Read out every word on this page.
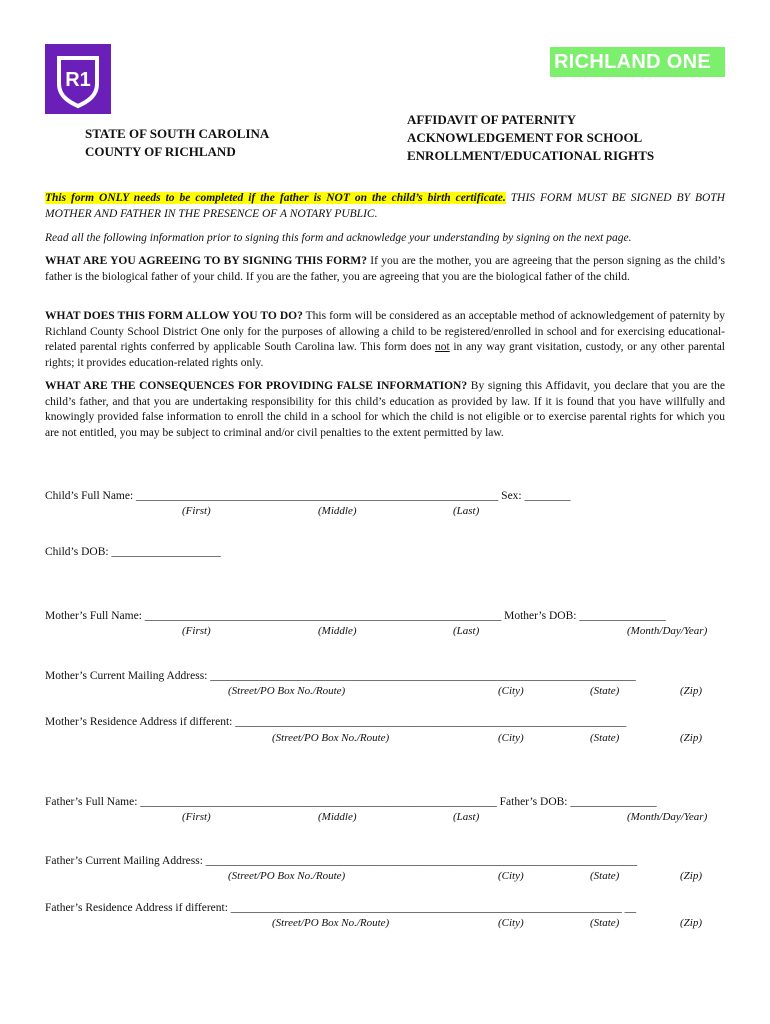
R1
RICHLAND ONE
STATE OF SOUTH CAROLINA
COUNTY OF RICHLAND
AFFIDAVIT OF PATERNITY
ACKNOWLEDGEMENT FOR SCHOOL
ENROLLMENT/EDUCATIONAL RIGHTS
This form ONLY needs to be completed if the father is NOT on the child’s birth certificate. THIS FORM MUST BE SIGNED BY BOTH MOTHER AND FATHER IN THE PRESENCE OF A NOTARY PUBLIC.
Read all the following information prior to signing this form and acknowledge your understanding by signing on the next page.
WHAT ARE YOU AGREEING TO BY SIGNING THIS FORM? If you are the mother, you are agreeing that the person signing as the child’s father is the biological father of your child. If you are the father, you are agreeing that you are the biological father of the child.
WHAT DOES THIS FORM ALLOW YOU TO DO? This form will be considered as an acceptable method of acknowledgement of paternity by Richland County School District One only for the purposes of allowing a child to be registered/enrolled in school and for exercising educational-related parental rights conferred by applicable South Carolina law. This form does not in any way grant visitation, custody, or any other parental rights; it provides education-related rights only.
WHAT ARE THE CONSEQUENCES FOR PROVIDING FALSE INFORMATION? By signing this Affidavit, you declare that you are the child’s father, and that you are undertaking responsibility for this child’s education as provided by law. If it is found that you have willfully and knowingly provided false information to enroll the child in a school for which the child is not eligible or to exercise parental rights for which you are not entitled, you may be subject to criminal and/or civil penalties to the extent permitted by law.
Child’s Full Name: _______________________________________________________________ Sex: ________
(First)	(Middle)	(Last)
Child’s DOB: ___________________
Mother’s Full Name: ______________________________________________________________ Mother’s DOB: _______________
(First)	(Middle)	(Last)	(Month/Day/Year)
Mother’s Current Mailing Address: __________________________________________________________________________
(Street/PO Box No./Route)	(City)	(State)	(Zip)
Mother’s Residence Address if different: ____________________________________________________________________
(Street/PO Box No./Route)	(City)	(State)	(Zip)
Father’s Full Name: ______________________________________________________________ Father’s DOB: _______________
(First)	(Middle)	(Last)	(Month/Day/Year)
Father’s Current Mailing Address: ___________________________________________________________________________
(Street/PO Box No./Route)	(City)	(State)	(Zip)
Father’s Residence Address if different: ____________________________________________________________________ __
(Street/PO Box No./Route)	(City)	(State)	(Zip)
